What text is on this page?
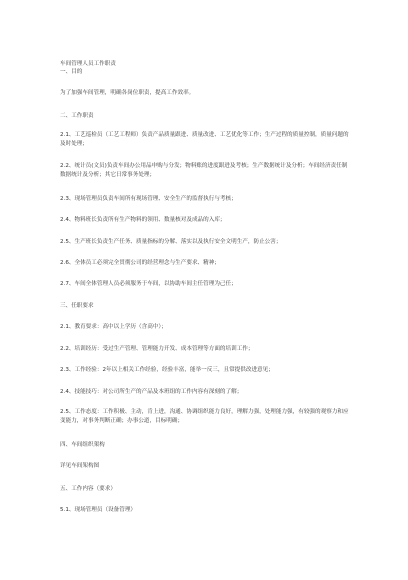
车间管理人员工作职责

一、目的

为了加强车间管理，明确各岗位职责，提高工作效率。

二、工作职责

2.1、工艺巡检员（工艺工程师）负责产品质量跟进、质量改进、工艺优化等工作；生产过程的质量控制，质量问题的及时处理；

2.2、统计员(文员)负责车间办公用品申购与分发；物料账的进度跟进及考核；生产数据统计及分析；车间经济责任制数据统计及分析；其它日常事务处理；

2.3、现场管理员负责车间所有现场管理、安全生产的监督执行与考核；

2.4、物料班长负责所有生产物料的领用、数量核对及成品的入库；

2.5、生产班长负责生产任务、质量指标的分解、落实以及执行安全文明生产，防止公害；

2.6、全体员工必须完全贯彻公司的经营理念与生产要求、精神；

2.7、车间全体管理人员必须服务于车间，以协助车间主任管理为己任；

三、任职要求

2.1、教育要求：高中以上学历（含高中）；

2.2、培训经历：受过生产管理、管理能力开发、成本管理等方面的培训工作；

2.3、工作经验：2年以上相关工作经验，经验丰富，能举一反三，且常提供改进意见；

2.4、技能技巧：对公司所生产的产品及本班组的工作内容有深刻的了解；

2.5、工作态度：工作积极、主动，肯上进，沟通、协调组织能力良好，理解力强，处理能力强，有较强的观察力和应变能力，对事务判断正确；办事公道，目标明确；

四、车间组织架构

详见车间架构图

五、工作内容（要求）

5.1、现场管理员（设备管理）
